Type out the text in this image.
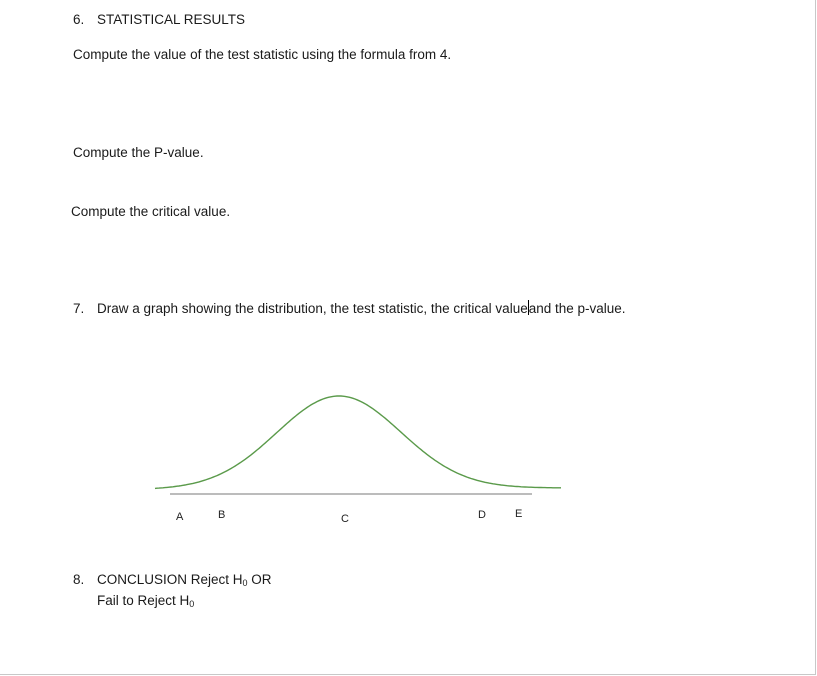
6. STATISTICAL RESULTS
Compute the value of the test statistic using the formula from 4.
Compute the P-value.
Compute the critical value.
7. Draw a graph showing the distribution, the test statistic, the critical valueand the p-value.
A	B	C	D	E
8. CONCLUSION Reject $H_0$ OR
Fail to Reject $H_0$
